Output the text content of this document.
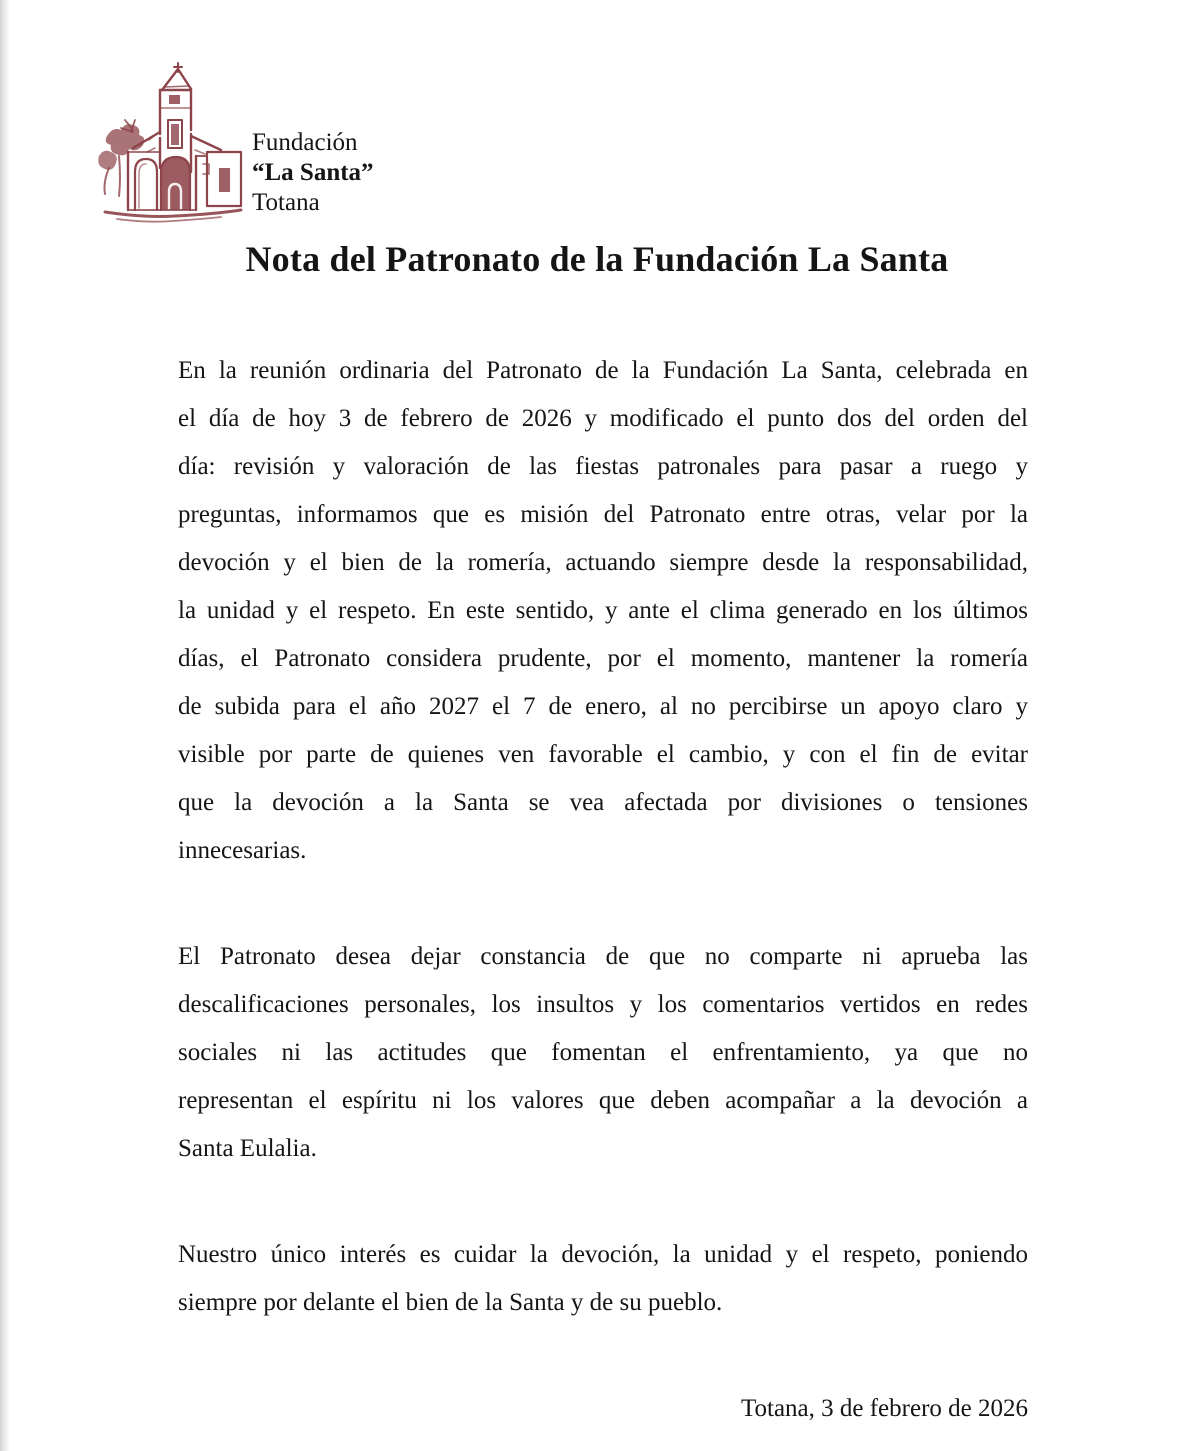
Fundación
“La Santa”
Totana
Nota del Patronato de la Fundación La Santa
En la reunión ordinaria del Patronato de la Fundación La Santa, celebrada en
el día de hoy 3 de febrero de 2026 y modificado el punto dos del orden del
día: revisión y valoración de las fiestas patronales para pasar a ruego y
preguntas, informamos que es misión del Patronato entre otras, velar por la
devoción y el bien de la romería, actuando siempre desde la responsabilidad,
la unidad y el respeto. En este sentido, y ante el clima generado en los últimos
días, el Patronato considera prudente, por el momento, mantener la romería
de subida para el año 2027 el 7 de enero, al no percibirse un apoyo claro y
visible por parte de quienes ven favorable el cambio, y con el fin de evitar
que la devoción a la Santa se vea afectada por divisiones o tensiones
innecesarias.
El Patronato desea dejar constancia de que no comparte ni aprueba las
descalificaciones personales, los insultos y los comentarios vertidos en redes
sociales ni las actitudes que fomentan el enfrentamiento, ya que no
representan el espíritu ni los valores que deben acompañar a la devoción a
Santa Eulalia.
Nuestro único interés es cuidar la devoción, la unidad y el respeto, poniendo
siempre por delante el bien de la Santa y de su pueblo.
Totana, 3 de febrero de 2026
